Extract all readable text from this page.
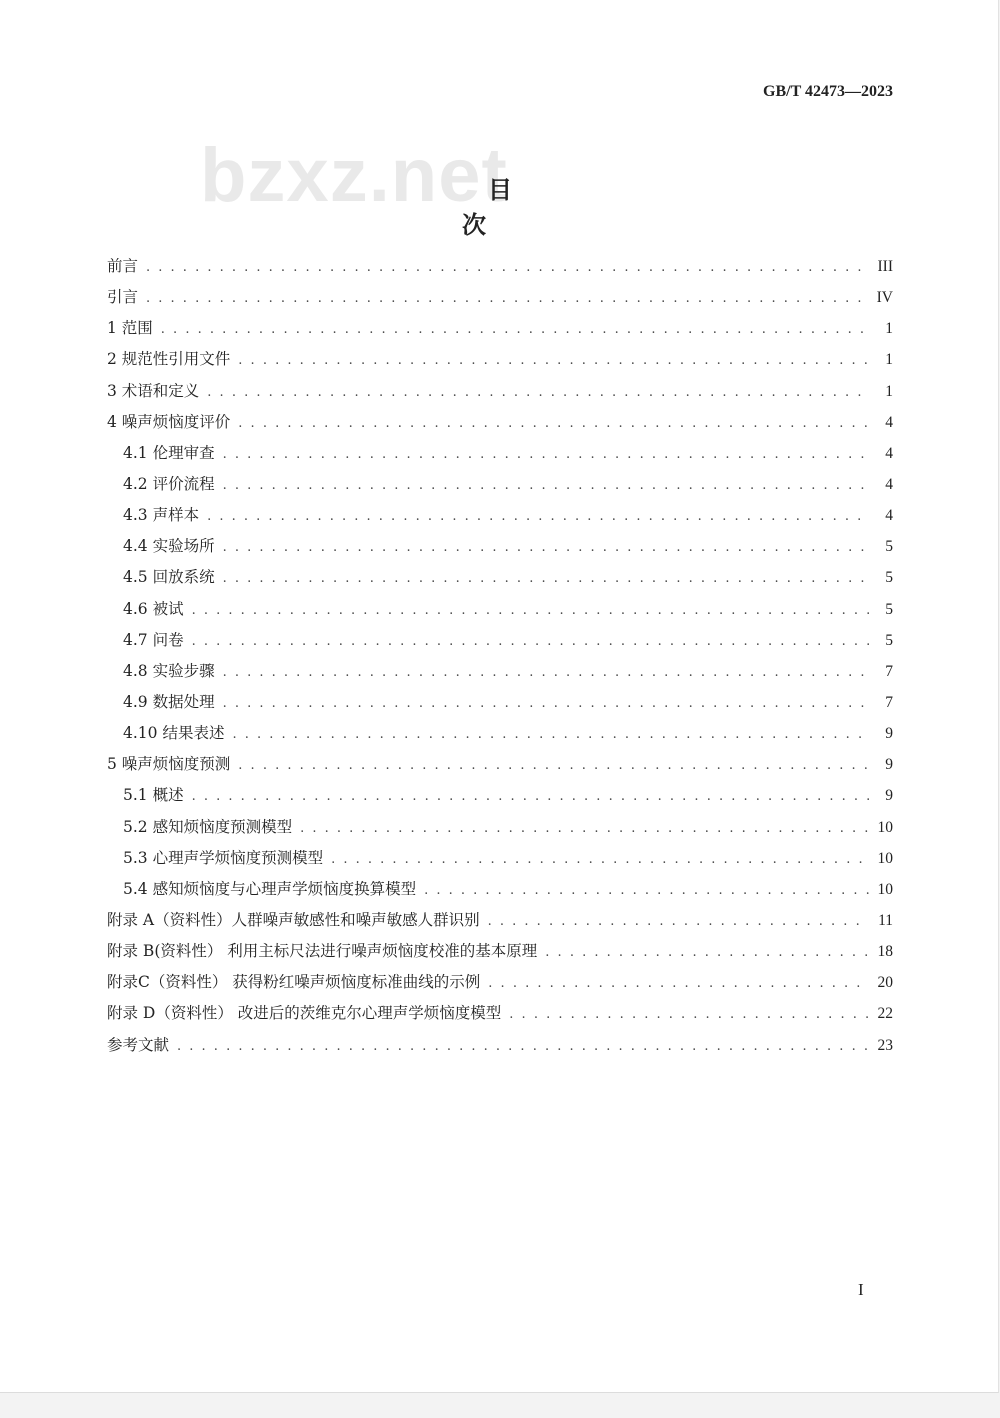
GB/T 42473—2023
bzxz.net
目 次
前言 . . .	III
引言 . . .	IV
1 范围 . . .	1
2 规范性引用文件 . . .	1
3 术语和定义 . . .	1
4 噪声烦恼度评价 . . .	4
4.1 伦理审查 . . .	4
4.2 评价流程 . . .	4
4.3 声样本 . . .	4
4.4 实验场所 . . .	5
4.5 回放系统 . . .	5
4.6 被试 . . .	5
4.7 问卷 . . .	5
4.8 实验步骤 . . .	7
4.9 数据处理 . . .	7
4.10 结果表述 . . .	9
5 噪声烦恼度预测 . . .	9
5.1 概述 . . .	9
5.2 感知烦恼度预测模型 . . .	10
5.3 心理声学烦恼度预测模型 . . .	10
5.4 感知烦恼度与心理声学烦恼度换算模型 . . .	10
附录 A（资料性）人群噪声敏感性和噪声敏感人群识别 . . .	11
附录 B(资料性） 利用主标尺法进行噪声烦恼度校准的基本原理 . . .	18
附录C（资料性） 获得粉红噪声烦恼度标准曲线的示例 . . .	20
附录 D（资料性） 改进后的茨维克尔心理声学烦恼度模型 . . .	22
参考文献 . . .	23
I
